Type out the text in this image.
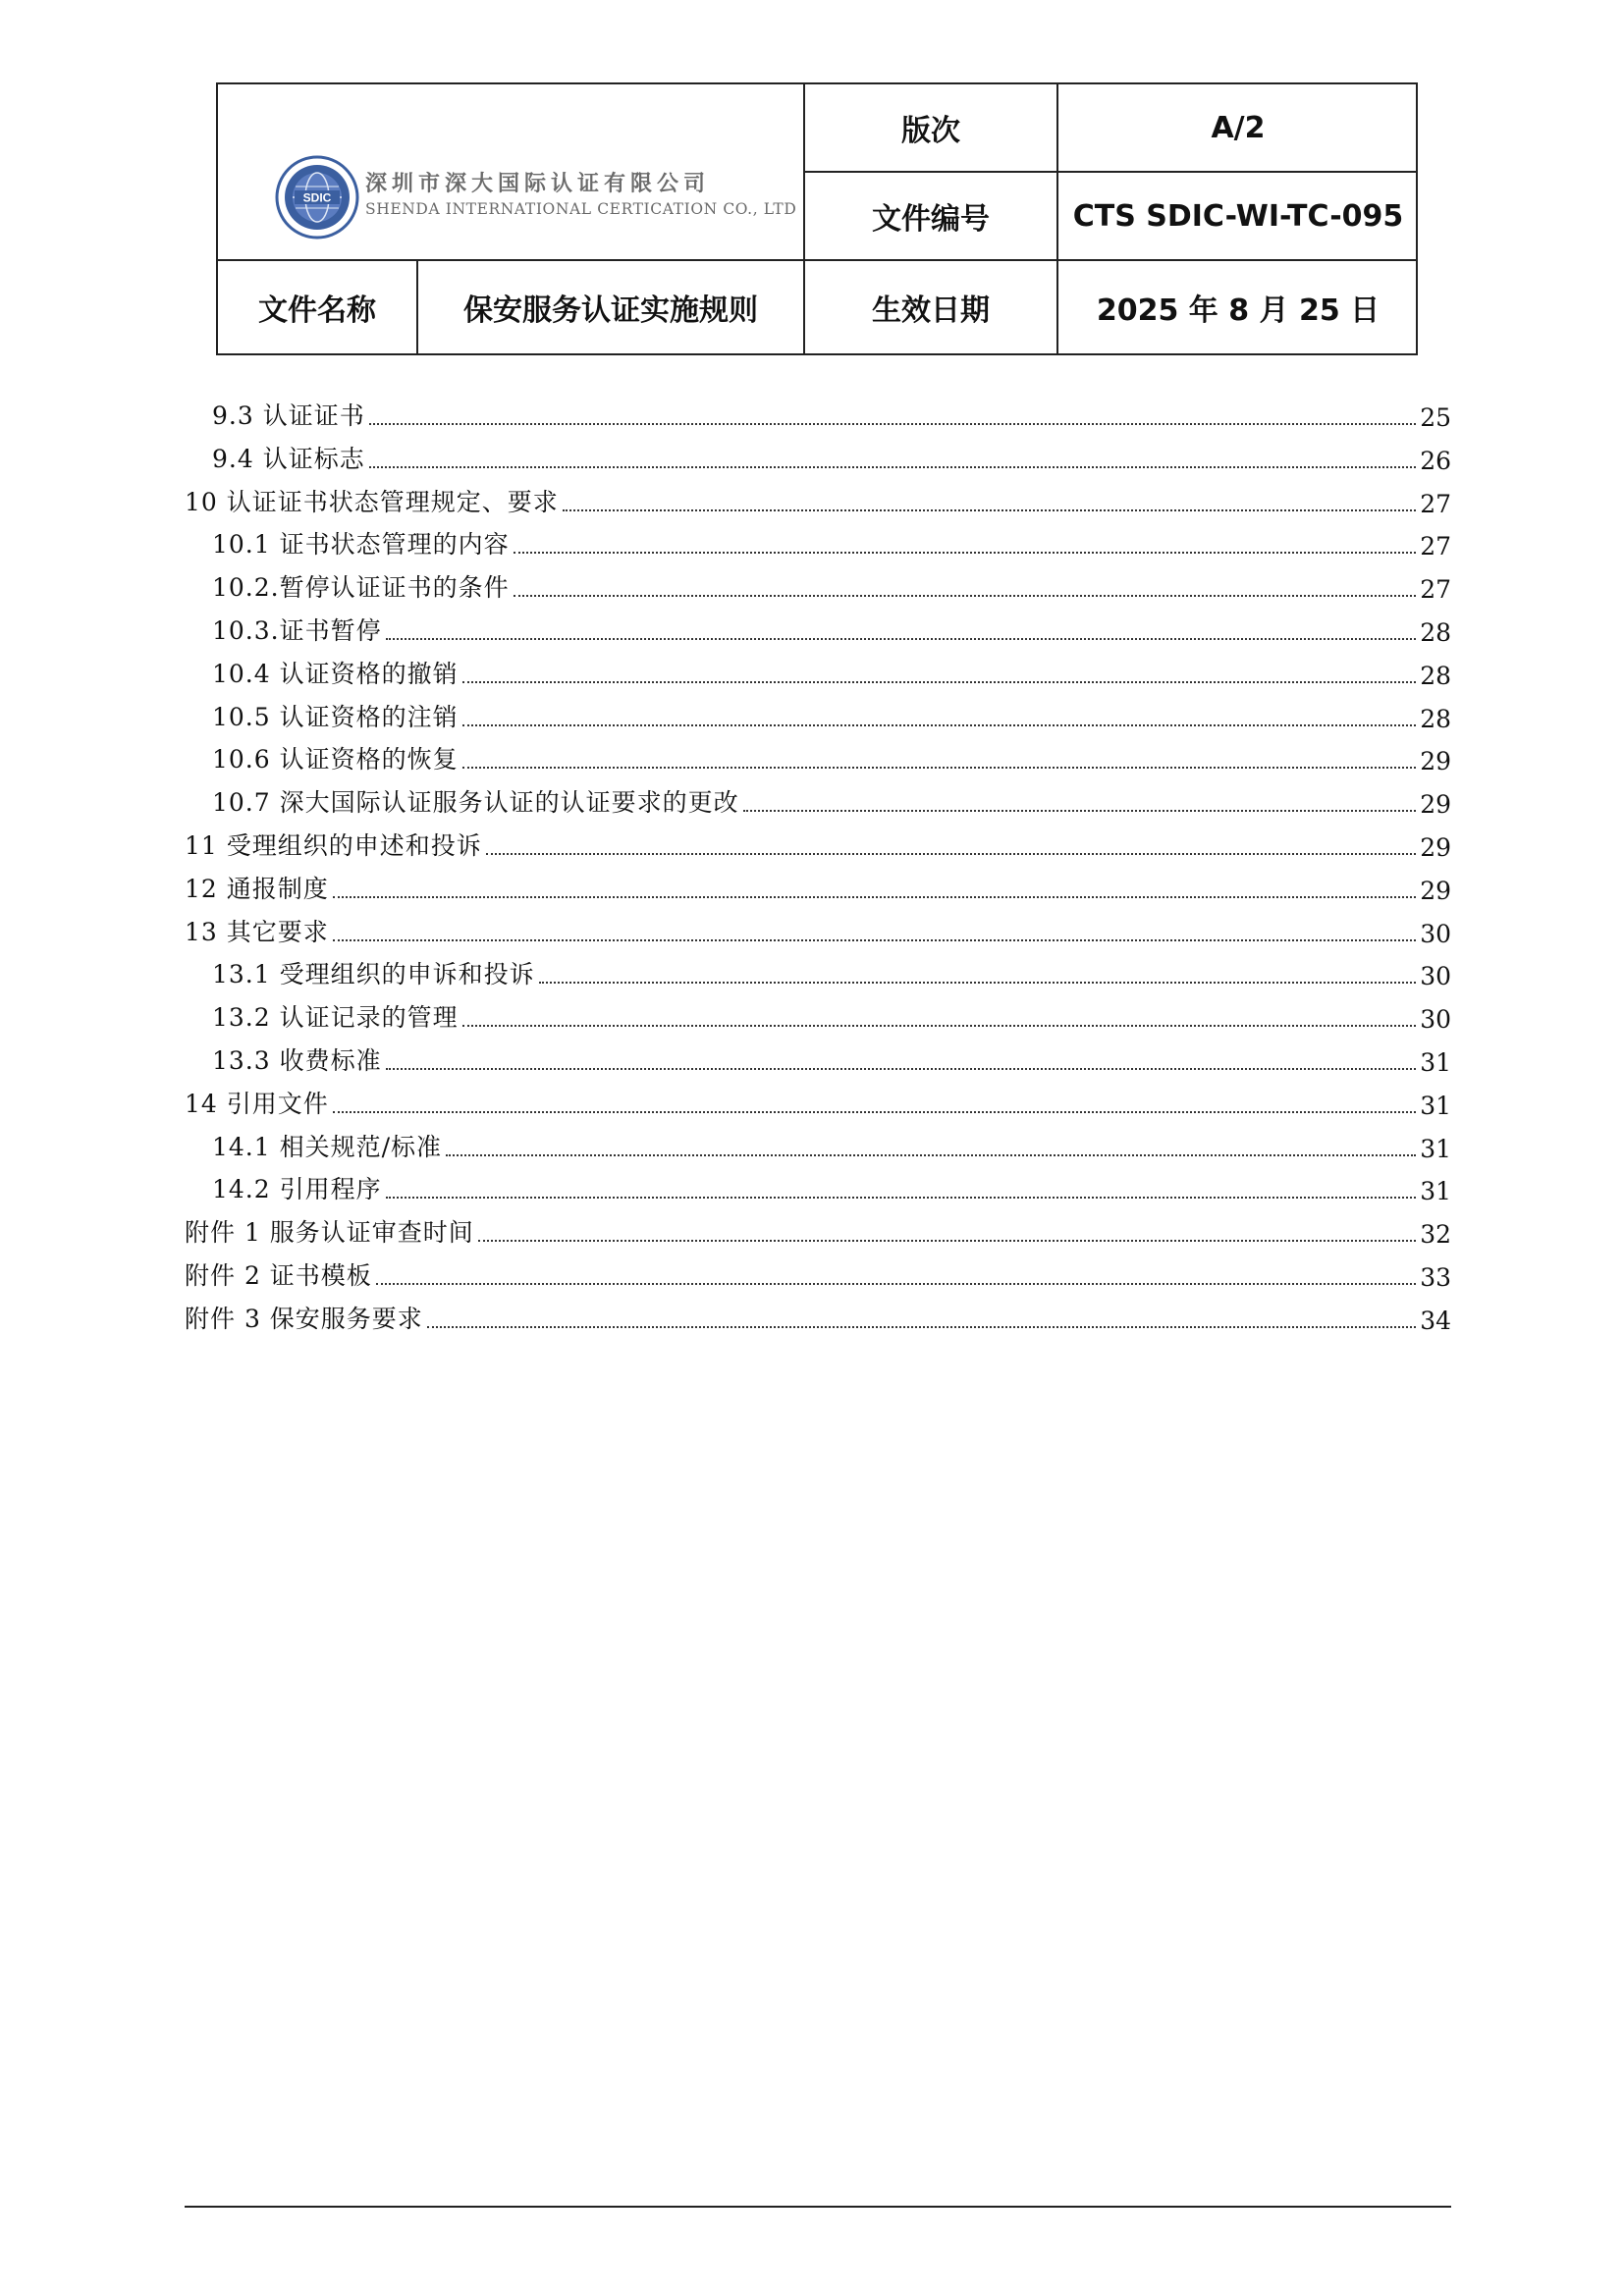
SDIC
深圳市深大国际认证有限公司
SHENDA INTERNATIONAL CERTICATION CO., LTD
版次	A/2
文件编号	CTS SDIC-WI-TC-095
文件名称	保安服务认证实施规则	生效日期	2025 年 8 月 25 日
9.3 认证证书	25
9.4 认证标志	26
10 认证证书状态管理规定、要求	27
10.1 证书状态管理的内容	27
10.2.暂停认证证书的条件	27
10.3.证书暂停	28
10.4 认证资格的撤销	28
10.5 认证资格的注销	28
10.6 认证资格的恢复	29
10.7 深大国际认证服务认证的认证要求的更改	29
11 受理组织的申述和投诉	29
12 通报制度	29
13 其它要求	30
13.1 受理组织的申诉和投诉	30
13.2 认证记录的管理	30
13.3 收费标准	31
14 引用文件	31
14.1 相关规范/标准	31
14.2 引用程序	31
附件 1 服务认证审查时间	32
附件 2 证书模板	33
附件 3 保安服务要求	34
